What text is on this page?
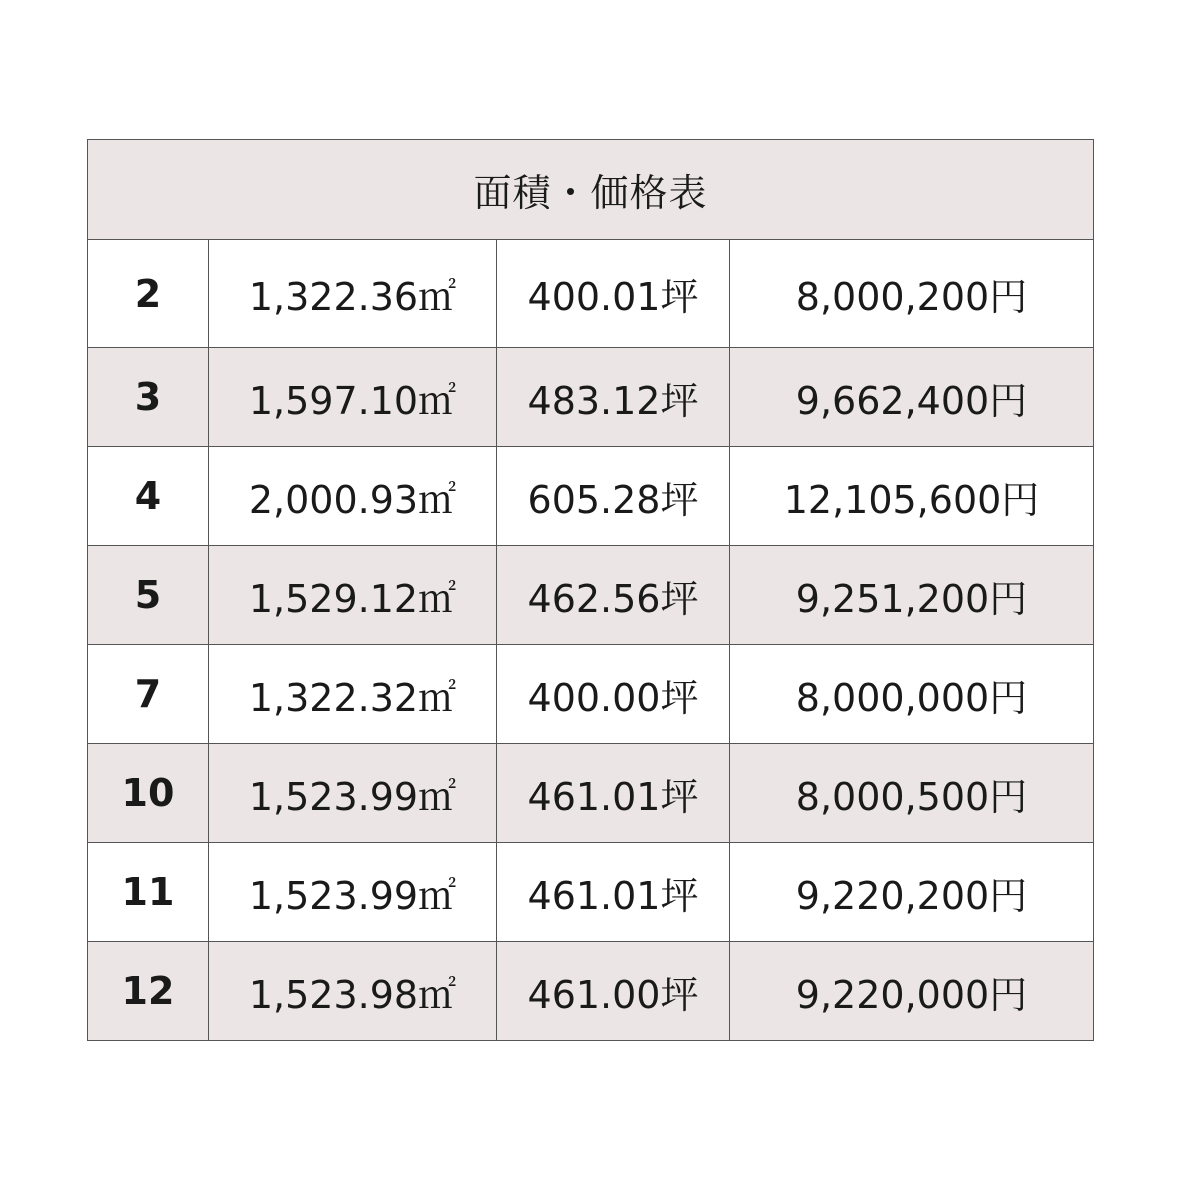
面積・価格表			
2	1,322.36㎡	400.01坪	8,000,200円
3	1,597.10㎡	483.12坪	9,662,400円
4	2,000.93㎡	605.28坪	12,105,600円
5	1,529.12㎡	462.56坪	9,251,200円
7	1,322.32㎡	400.00坪	8,000,000円
10	1,523.99㎡	461.01坪	8,000,500円
11	1,523.99㎡	461.01坪	9,220,200円
12	1,523.98㎡	461.00坪	9,220,000円
